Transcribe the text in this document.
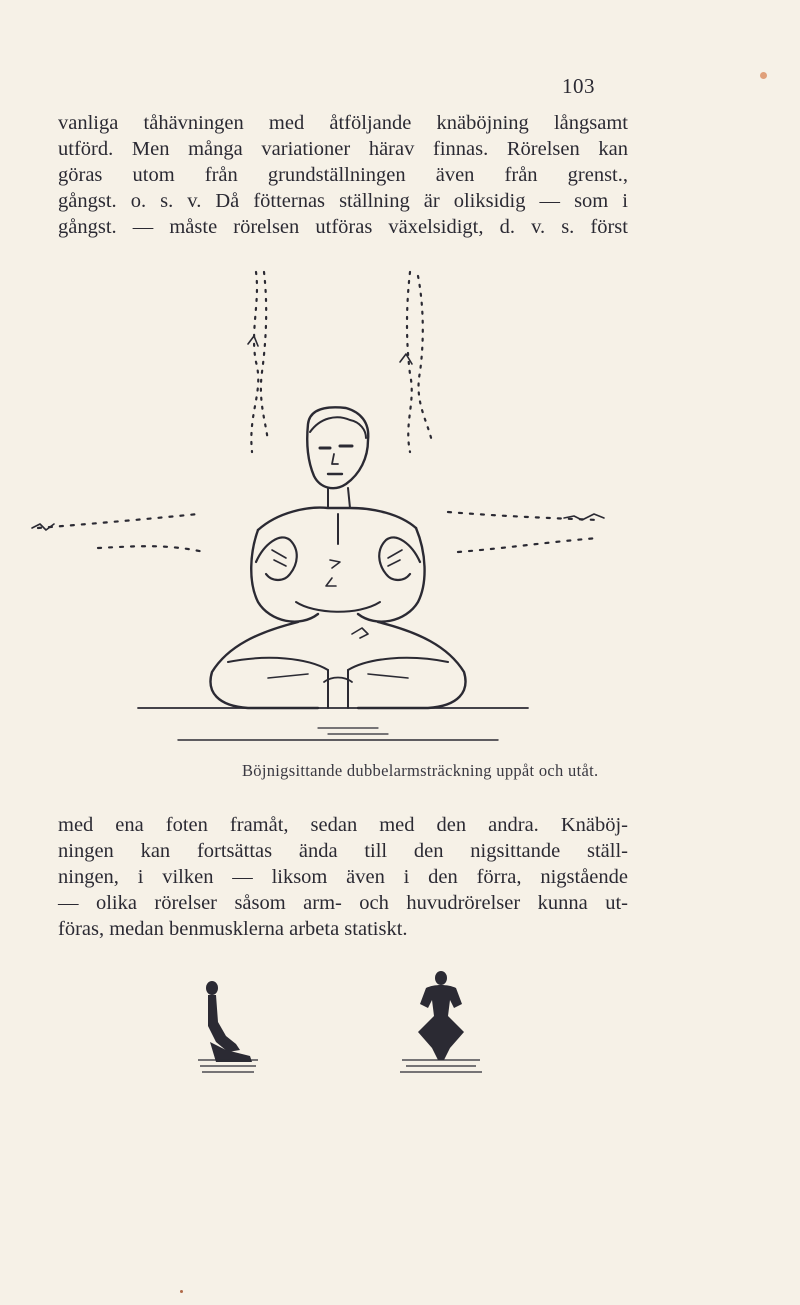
103
vanliga tåhävningen med åtföljande knäböjning långsamt
utförd. Men många variationer härav finnas. Rörelsen kan
göras utom från grundställningen även från grenst.,
gångst. o. s. v. Då fötternas ställning är oliksidig — som i
gångst. — måste rörelsen utföras växelsidigt, d. v. s. först
Böjnigsittande dubbelarmsträckning uppåt och utåt.
med ena foten framåt, sedan med den andra. Knäböj-
ningen kan fortsättas ända till den nigsittande ställ-
ningen, i vilken — liksom även i den förra, nigstående
— olika rörelser såsom arm- och huvudrörelser kunna ut-
föras, medan benmusklerna arbeta statiskt.
